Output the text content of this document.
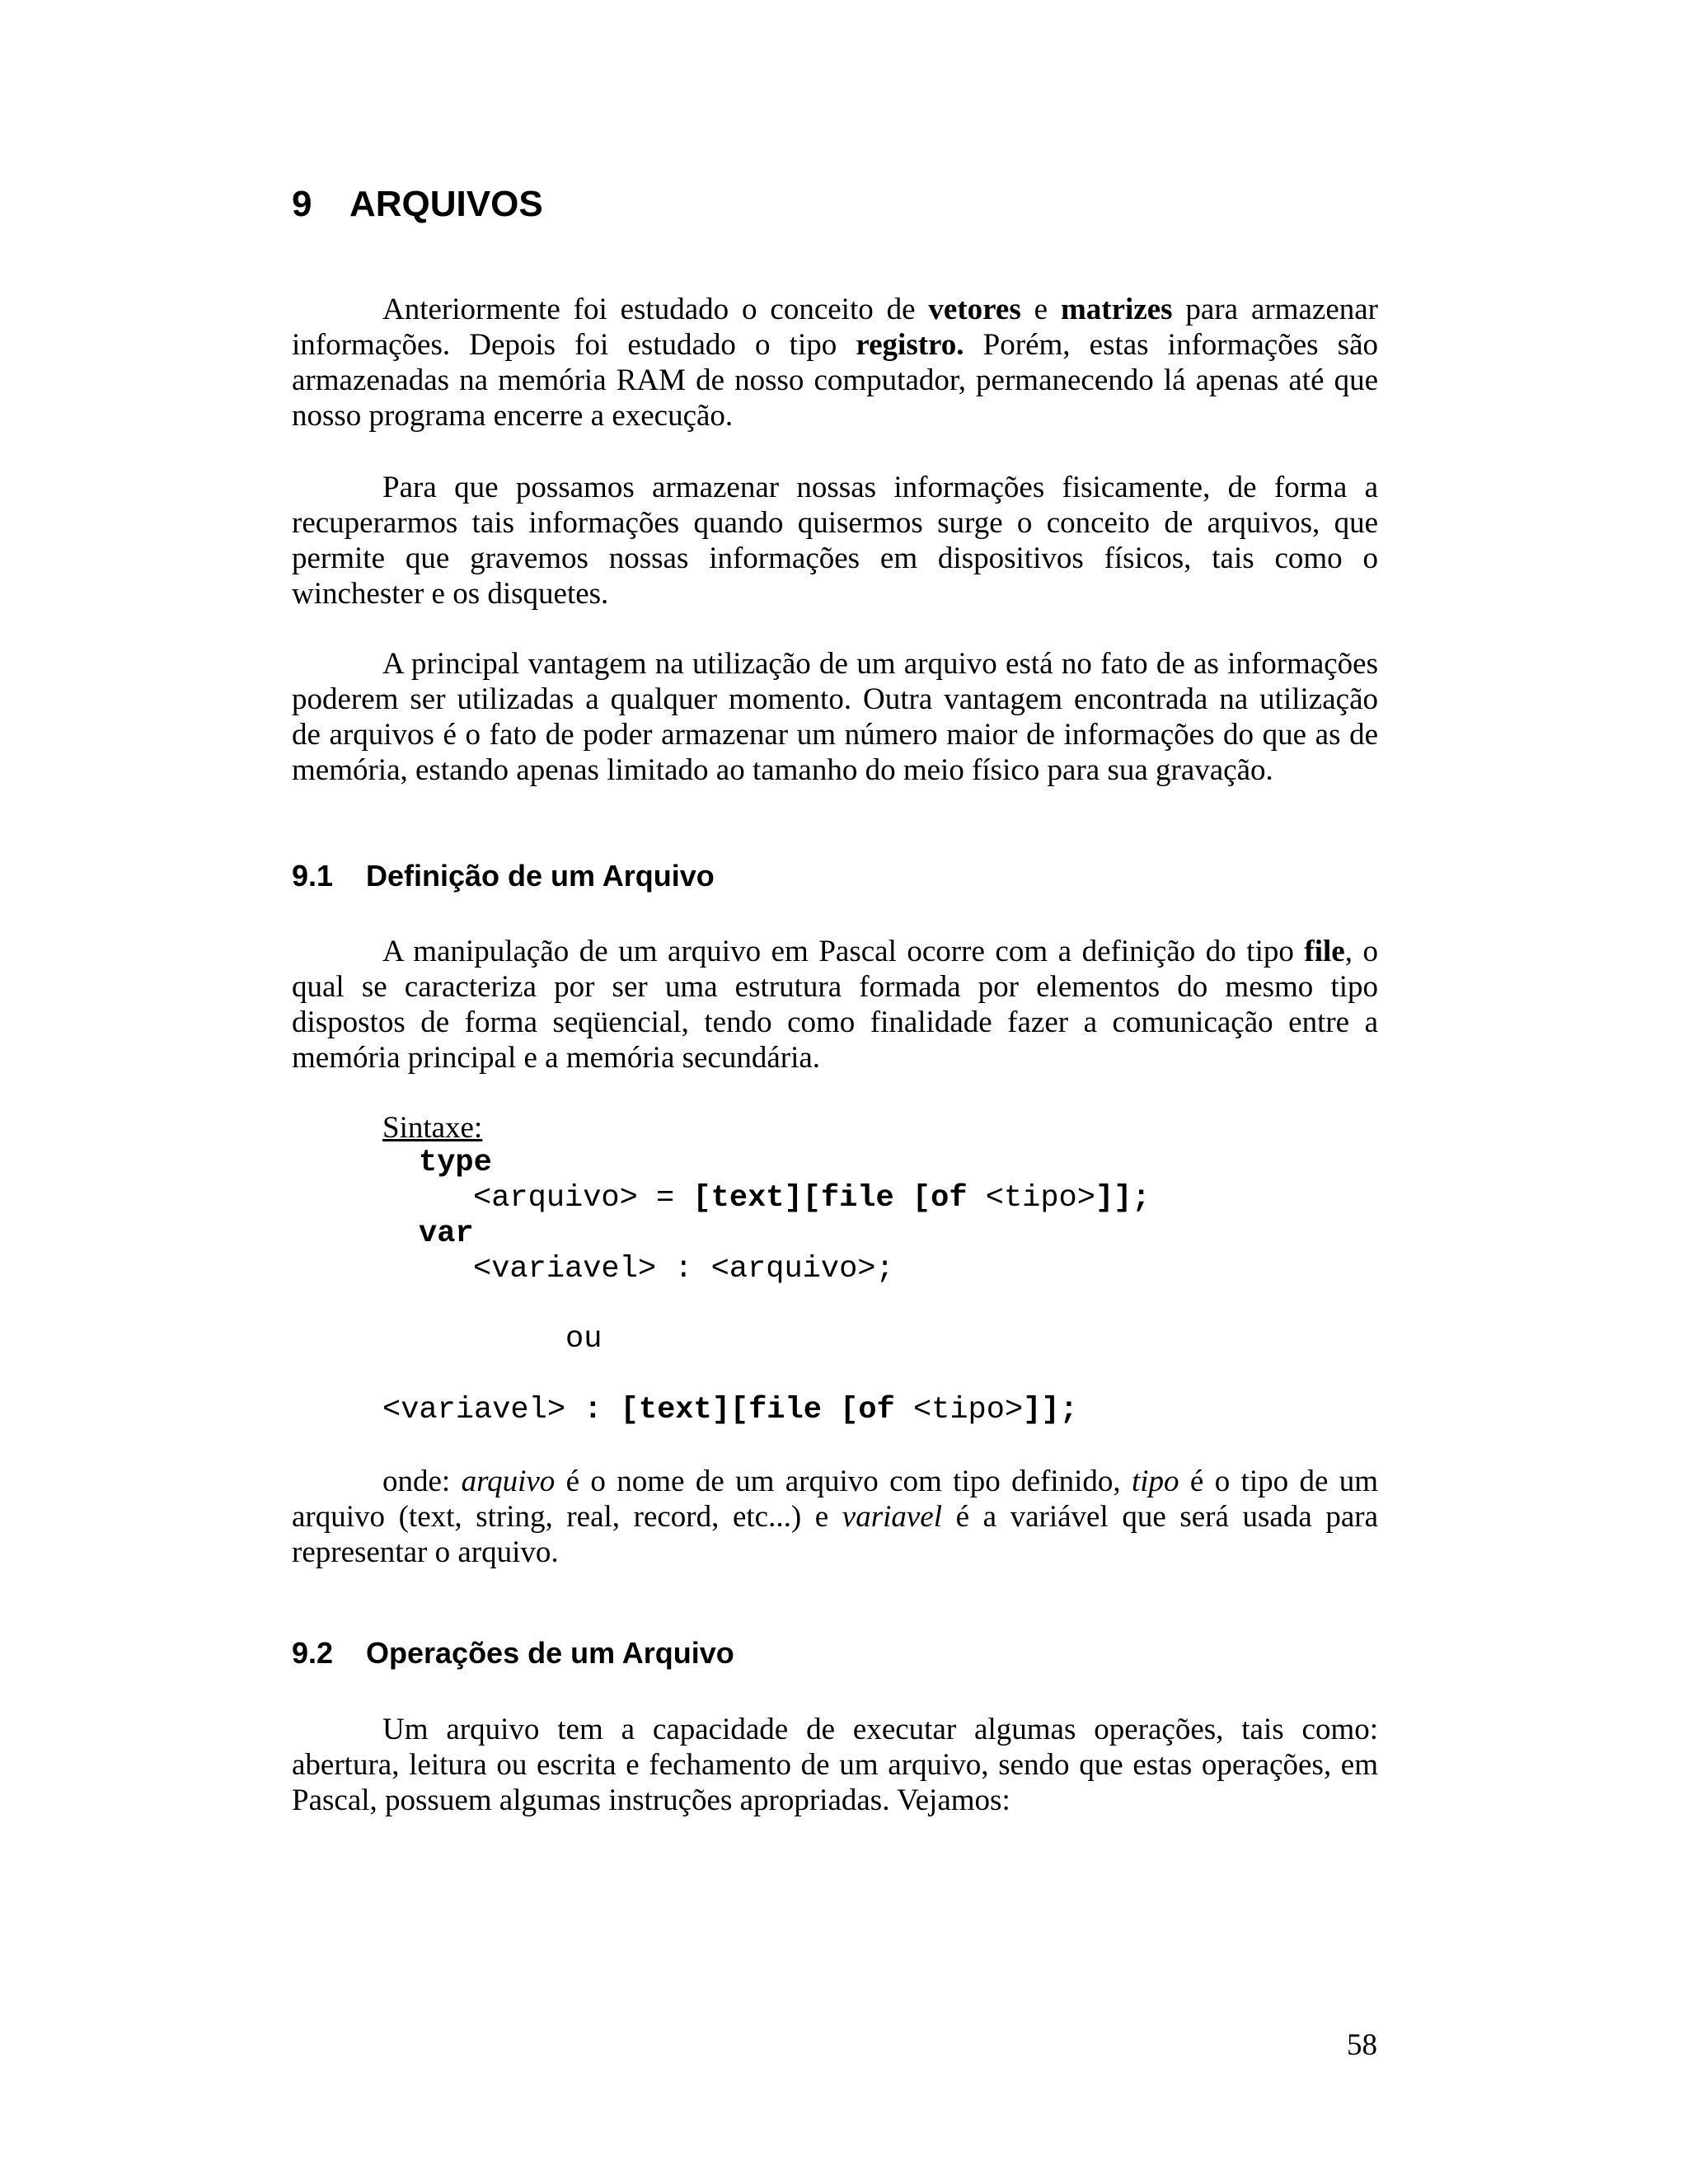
9 ARQUIVOS

Anteriormente foi estudado o conceito de vetores e matrizes para armazenar
informações. Depois foi estudado o tipo registro. Porém, estas informações são
armazenadas na memória RAM de nosso computador, permanecendo lá apenas até que
nosso programa encerre a execução.

Para que possamos armazenar nossas informações fisicamente, de forma a
recuperarmos tais informações quando quisermos surge o conceito de arquivos, que
permite que gravemos nossas informações em dispositivos físicos, tais como o
winchester e os disquetes.

A principal vantagem na utilização de um arquivo está no fato de as informações
poderem ser utilizadas a qualquer momento. Outra vantagem encontrada na utilização
de arquivos é o fato de poder armazenar um número maior de informações do que as de
memória, estando apenas limitado ao tamanho do meio físico para sua gravação.

9.1 Definição de um Arquivo

A manipulação de um arquivo em Pascal ocorre com a definição do tipo file, o
qual se caracteriza por ser uma estrutura formada por elementos do mesmo tipo
dispostos de forma seqüencial, tendo como finalidade fazer a comunicação entre a
memória principal e a memória secundária.

Sintaxe:

type
<arquivo> = [text][file [of <tipo>]];
var
<variavel> : <arquivo>;
ou
<variavel> : [text][file [of <tipo>]];

onde: arquivo é o nome de um arquivo com tipo definido, tipo é o tipo de um
arquivo (text, string, real, record, etc...) e variavel é a variável que será usada para
representar o arquivo.

9.2 Operações de um Arquivo

Um arquivo tem a capacidade de executar algumas operações, tais como:
abertura, leitura ou escrita e fechamento de um arquivo, sendo que estas operações, em
Pascal, possuem algumas instruções apropriadas. Vejamos:

58
